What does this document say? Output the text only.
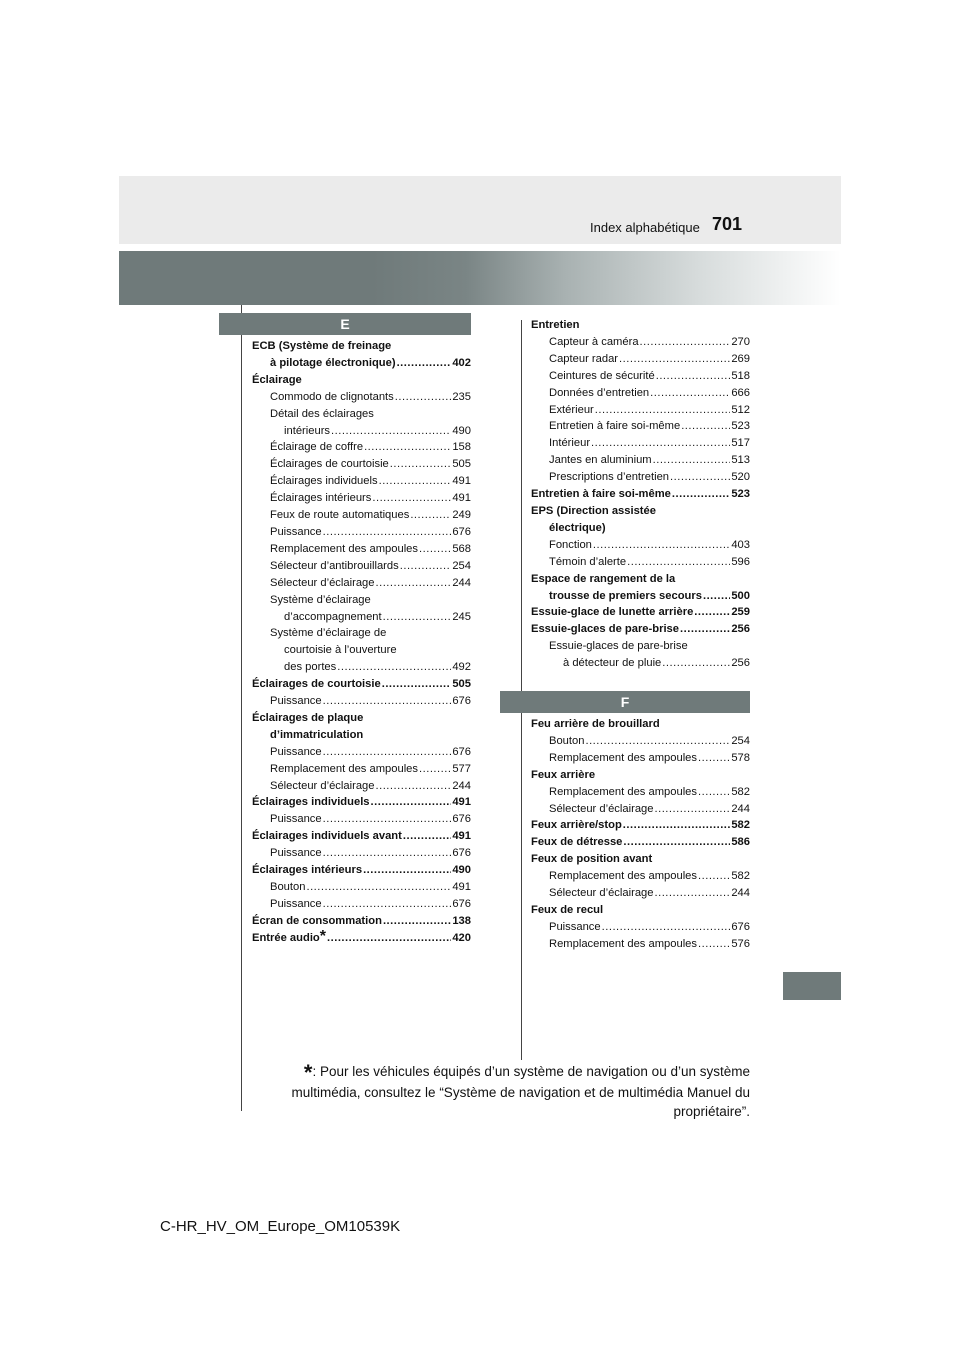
701
Index alphabétique
E
F
ECB (Système de freinage
à pilotage électronique) .....	402
Éclairage
Commodo de clignotants .....	235
Détail des éclairages
intérieurs .....	490
Éclairage de coffre .....	158
Éclairages de courtoisie .....	505
Éclairages individuels .....	491
Éclairages intérieurs .....	491
Feux de route automatiques .....	249
Puissance .....	676
Remplacement des ampoules .....	568
Sélecteur d’antibrouillards .....	254
Sélecteur d’éclairage .....	244
Système d’éclairage
d’accompagnement .....	245
Système d’éclairage de
courtoisie à l’ouverture
des portes .....	492
Éclairages de courtoisie .....	505
Puissance .....	676
Éclairages de plaque
d’immatriculation
Puissance .....	676
Remplacement des ampoules .....	577
Sélecteur d’éclairage .....	244
Éclairages individuels .....	491
Puissance .....	676
Éclairages individuels avant .....	491
Puissance .....	676
Éclairages intérieurs .....	490
Bouton .....	491
Puissance .....	676
Écran de consommation .....	138
Entrée audio * .....	420
Entretien
Capteur à caméra .....	270
Capteur radar .....	269
Ceintures de sécurité .....	518
Données d’entretien .....	666
Extérieur .....	512
Entretien à faire soi-même .....	523
Intérieur .....	517
Jantes en aluminium .....	513
Prescriptions d’entretien .....	520
Entretien à faire soi-même .....	523
EPS (Direction assistée
électrique)
Fonction .....	403
Témoin d’alerte .....	596
Espace de rangement de la
trousse de premiers secours .....	500
Essuie-glace de lunette arrière .....	259
Essuie-glaces de pare-brise .....	256
Essuie-glaces de pare-brise
à détecteur de pluie .....	256
Feu arrière de brouillard
Bouton .....	254
Remplacement des ampoules .....	578
Feux arrière
Remplacement des ampoules .....	582
Sélecteur d’éclairage .....	244
Feux arrière/stop .....	582
Feux de détresse .....	586
Feux de position avant
Remplacement des ampoules .....	582
Sélecteur d’éclairage .....	244
Feux de recul
Puissance .....	676
Remplacement des ampoules .....	576
*: Pour les véhicules équipés d’un système de navigation ou d’un système multimédia, consultez le “Système de navigation et de multimédia Manuel du propriétaire”.
C-HR_HV_OM_Europe_OM10539K
